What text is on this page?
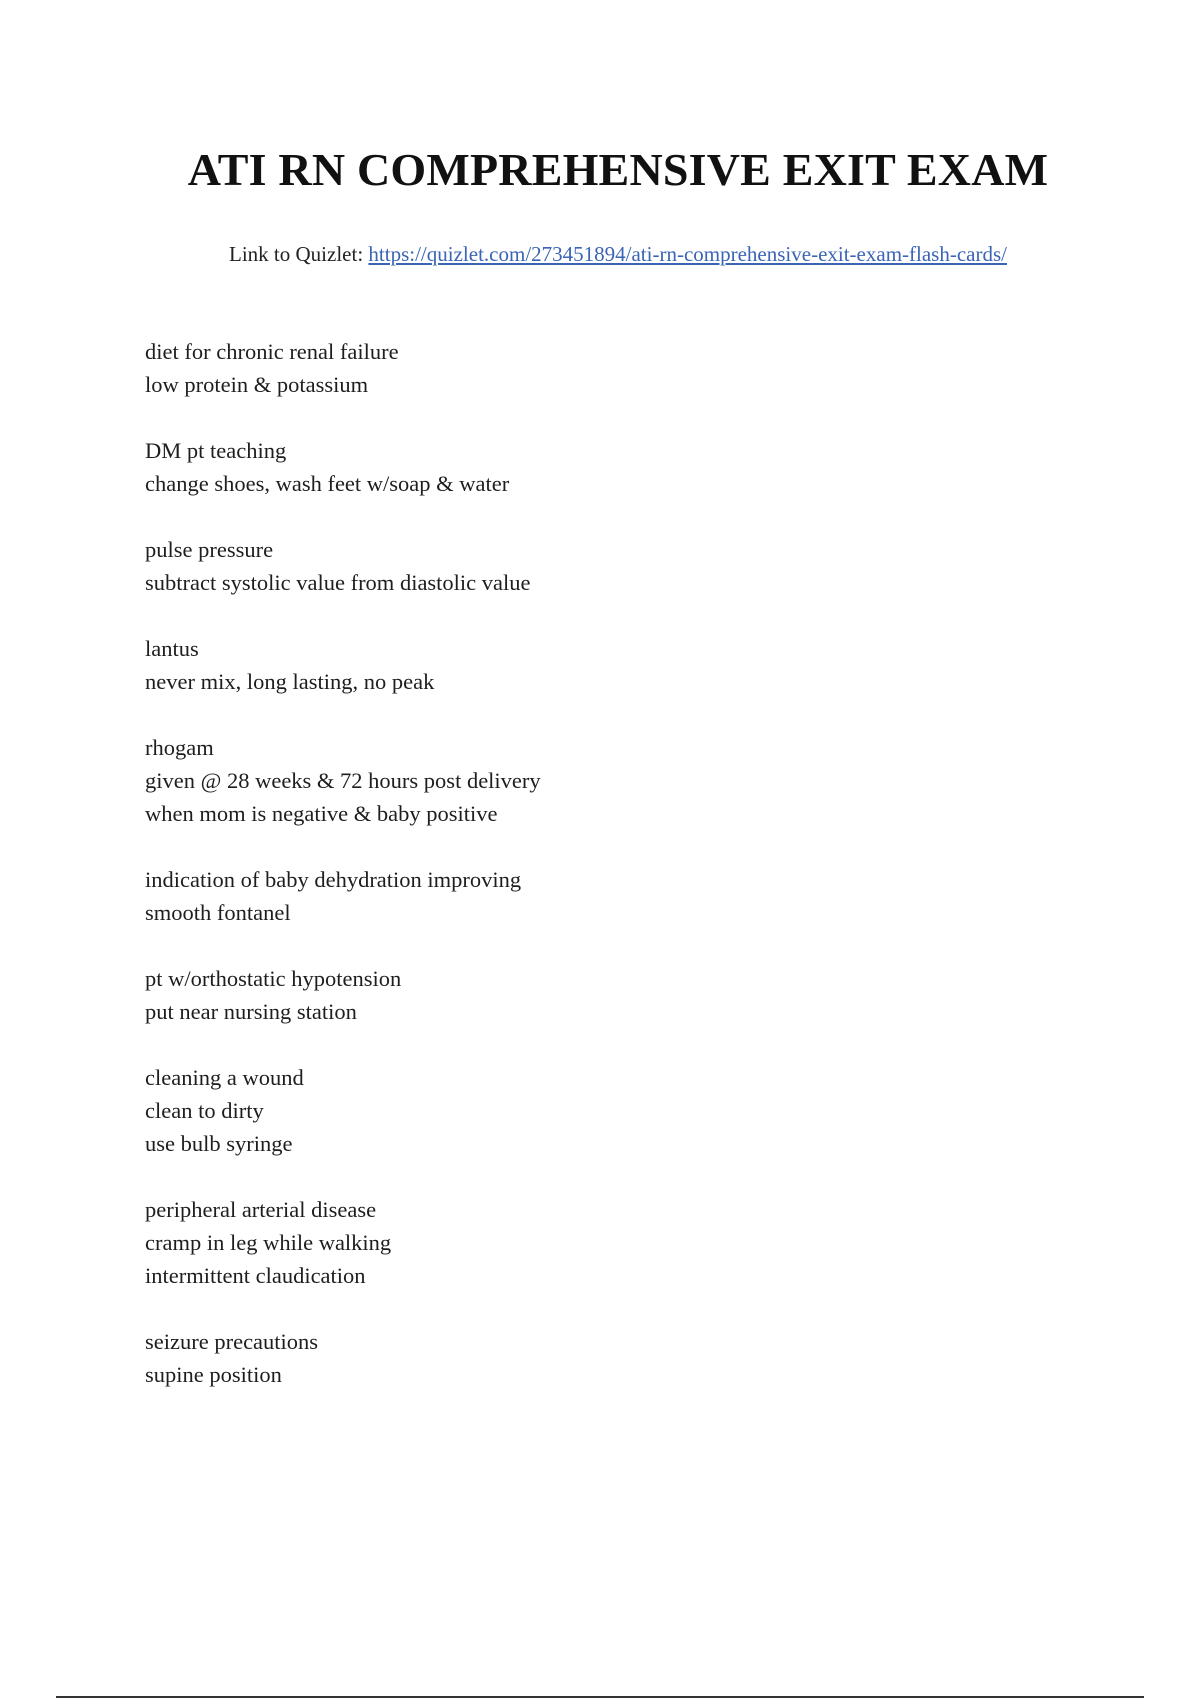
ATI RN COMPREHENSIVE EXIT EXAM
Link to Quizlet: https://quizlet.com/273451894/ati-rn-comprehensive-exit-exam-flash-cards/
diet for chronic renal failure
low protein & potassium
DM pt teaching
change shoes, wash feet w/soap & water
pulse pressure
subtract systolic value from diastolic value
lantus
never mix, long lasting, no peak
rhogam
given @ 28 weeks & 72 hours post delivery
when mom is negative & baby positive
indication of baby dehydration improving
smooth fontanel
pt w/orthostatic hypotension
put near nursing station
cleaning a wound
clean to dirty
use bulb syringe
peripheral arterial disease
cramp in leg while walking
intermittent claudication
seizure precautions
supine position
